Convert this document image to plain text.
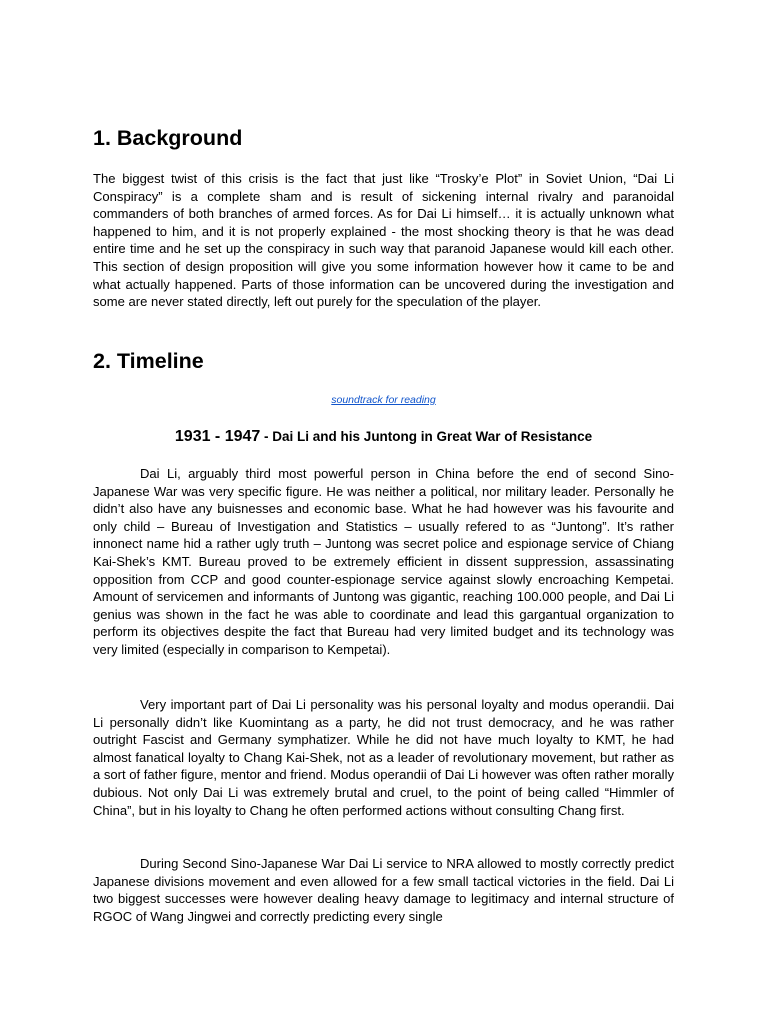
1. Background

The biggest twist of this crisis is the fact that just like “Trosky’e Plot” in Soviet Union, “Dai Li Conspiracy” is a complete sham and is result of sickening internal rivalry and paranoidal commanders of both branches of armed forces. As for Dai Li himself… it is actually unknown what happened to him, and it is not properly explained - the most shocking theory is that he was dead entire time and he set up the conspiracy in such way that paranoid Japanese would kill each other. This section of design proposition will give you some information however how it came to be and what actually happened. Parts of those information can be uncovered during the investigation and some are never stated directly, left out purely for the speculation of the player.

2. Timeline
soundtrack for reading
1931 - 1947 - Dai Li and his Juntong in Great War of Resistance

Dai Li, arguably third most powerful person in China before the end of second Sino-Japanese War was very specific figure. He was neither a political, nor military leader. Personally he didn’t also have any buisnesses and economic base. What he had however was his favourite and only child – Bureau of Investigation and Statistics – usually refered to as “Juntong”. It’s rather innonect name hid a rather ugly truth – Juntong was secret police and espionage service of Chiang Kai-Shek’s KMT. Bureau proved to be extremely efficient in dissent suppression, assassinating opposition from CCP and good counter-espionage service against slowly encroaching Kempetai. Amount of servicemen and informants of Juntong was gigantic, reaching 100.000 people, and Dai Li genius was shown in the fact he was able to coordinate and lead this gargantual organization to perform its objectives despite the fact that Bureau had very limited budget and its technology was very limited (especially in comparison to Kempetai).

Very important part of Dai Li personality was his personal loyalty and modus operandii. Dai Li personally didn’t like Kuomintang as a party, he did not trust democracy, and he was rather outright Fascist and Germany symphatizer. While he did not have much loyalty to KMT, he had almost fanatical loyalty to Chang Kai-Shek, not as a leader of revolutionary movement, but rather as a sort of father figure, mentor and friend. Modus operandii of Dai Li however was often rather morally dubious. Not only Dai Li was extremely brutal and cruel, to the point of being called “Himmler of China”, but in his loyalty to Chang he often performed actions without consulting Chang first.

During Second Sino-Japanese War Dai Li service to NRA allowed to mostly correctly predict Japanese divisions movement and even allowed for a few small tactical victories in the field. Dai Li two biggest successes were however dealing heavy damage to legitimacy and internal structure of RGOC of Wang Jingwei and correctly predicting every single
